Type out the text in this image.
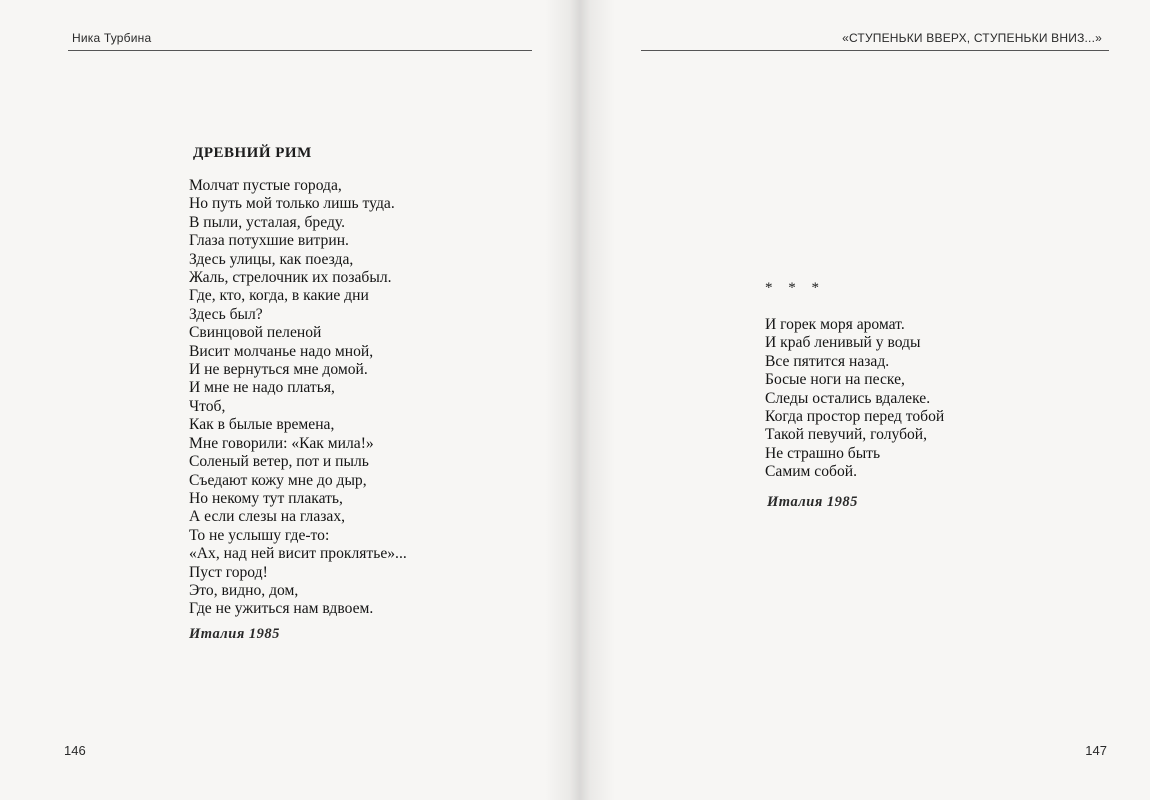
Ника Турбина
ДРЕВНИЙ РИМ
Молчат пустые города,
Но путь мой только лишь туда.
В пыли, усталая, бреду.
Глаза потухшие витрин.
Здесь улицы, как поезда,
Жаль, стрелочник их позабыл.
Где, кто, когда, в какие дни
Здесь был?
Свинцовой пеленой
Висит молчанье надо мной,
И не вернуться мне домой.
И мне не надо платья,
Чтоб,
Как в былые времена,
Мне говорили: «Как мила!»
Соленый ветер, пот и пыль
Съедают кожу мне до дыр,
Но некому тут плакать,
А если слезы на глазах,
То не услышу где-то:
«Ах, над ней висит проклятье»...
Пуст город!
Это, видно, дом,
Где не ужиться нам вдвоем.
Италия 1985
146
«СТУПЕНЬКИ ВВЕРХ, СТУПЕНЬКИ ВНИЗ...»
* * *
И горек моря аромат.
И краб ленивый у воды
Все пятится назад.
Босые ноги на песке,
Следы остались вдалеке.
Когда простор перед тобой
Такой певучий, голубой,
Не страшно быть
Самим собой.
Италия 1985
147
